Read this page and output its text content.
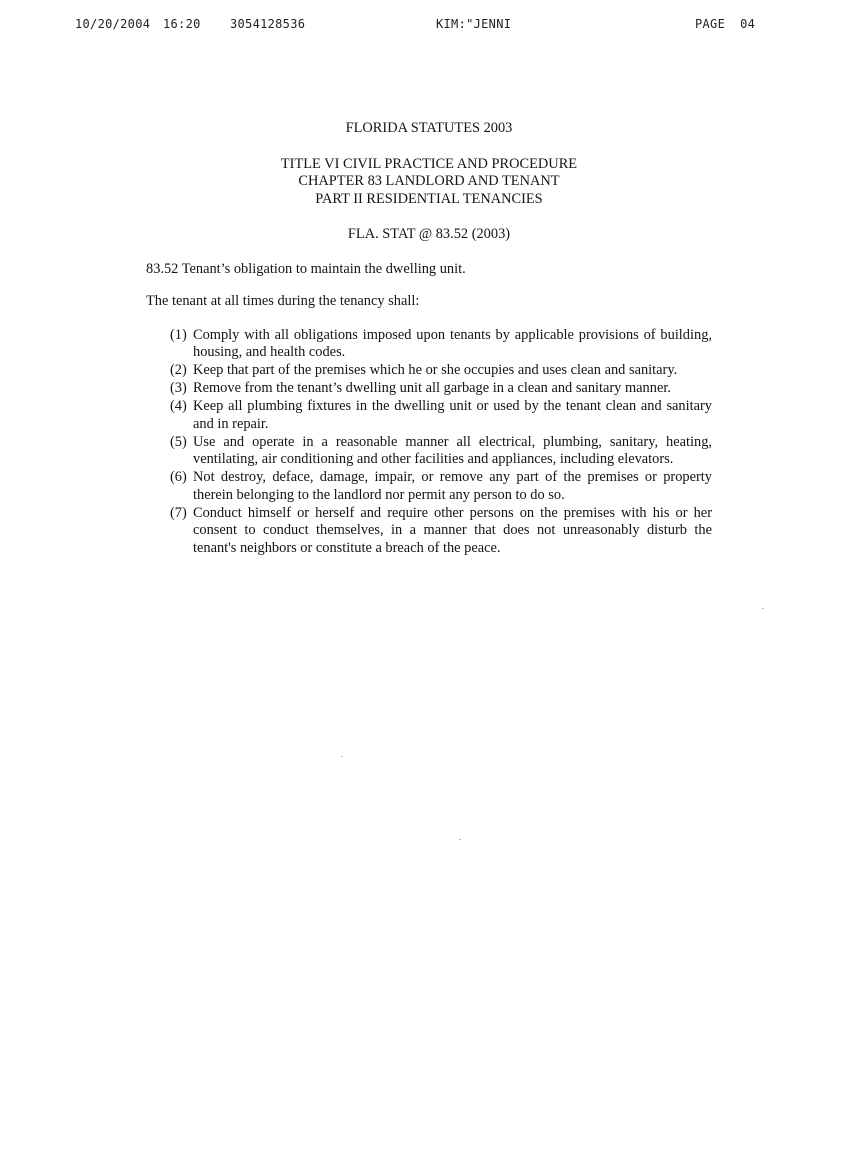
10/20/2004 16:20 3054128536	KIM:"JENNI	PAGE  04

FLORIDA STATUTES 2003

TITLE VI CIVIL PRACTICE AND PROCEDURE
CHAPTER 83 LANDLORD AND TENANT
PART II RESIDENTIAL TENANCIES

FLA. STAT @ 83.52 (2003)

83.52 Tenant’s obligation to maintain the dwelling unit.

The tenant at all times during the tenancy shall:

(1) Comply with all obligations imposed upon tenants by applicable provisions of building, housing, and health codes.
(2) Keep that part of the premises which he or she occupies and uses clean and sanitary.
(3) Remove from the tenant’s dwelling unit all garbage in a clean and sanitary manner.
(4) Keep all plumbing fixtures in the dwelling unit or used by the tenant clean and sanitary and in repair.
(5) Use and operate in a reasonable manner all electrical, plumbing, sanitary, heating, ventilating, air conditioning and other facilities and appliances, including elevators.
(6) Not destroy, deface, damage, impair, or remove any part of the premises or property therein belonging to the landlord nor permit any person to do so.
(7) Conduct himself or herself and require other persons on the premises with his or her consent to conduct themselves, in a manner that does not unreasonably disturb the tenant's neighbors or constitute a breach of the peace.
